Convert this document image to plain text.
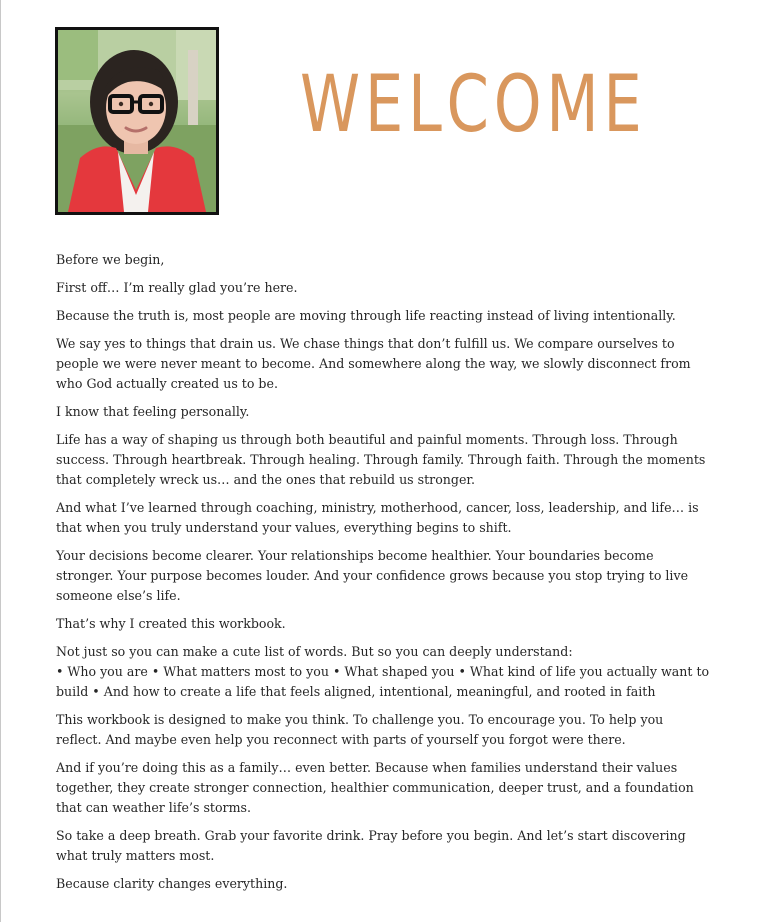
WELCOME

Before we begin,

First off… I’m really glad you’re here.

Because the truth is, most people are moving through life reacting instead of living intentionally.

We say yes to things that drain us. We chase things that don’t fulfill us. We compare ourselves to people we were never meant to become. And somewhere along the way, we slowly disconnect from who God actually created us to be.

I know that feeling personally.

Life has a way of shaping us through both beautiful and painful moments. Through loss. Through success. Through heartbreak. Through healing. Through family. Through faith. Through the moments that completely wreck us… and the ones that rebuild us stronger.

And what I’ve learned through coaching, ministry, motherhood, cancer, loss, leadership, and life… is that when you truly understand your values, everything begins to shift.

Your decisions become clearer. Your relationships become healthier. Your boundaries become stronger. Your purpose becomes louder. And your confidence grows because you stop trying to live someone else’s life.

That’s why I created this workbook.

Not just so you can make a cute list of words. But so you can deeply understand:

• Who you are • What matters most to you • What shaped you • What kind of life you actually want to build • And how to create a life that feels aligned, intentional, meaningful, and rooted in faith

This workbook is designed to make you think. To challenge you. To encourage you. To help you reflect. And maybe even help you reconnect with parts of yourself you forgot were there.

And if you’re doing this as a family… even better. Because when families understand their values together, they create stronger connection, healthier communication, deeper trust, and a foundation that can weather life’s storms.

So take a deep breath. Grab your favorite drink. Pray before you begin. And let’s start discovering what truly matters most.

Because clarity changes everything.
